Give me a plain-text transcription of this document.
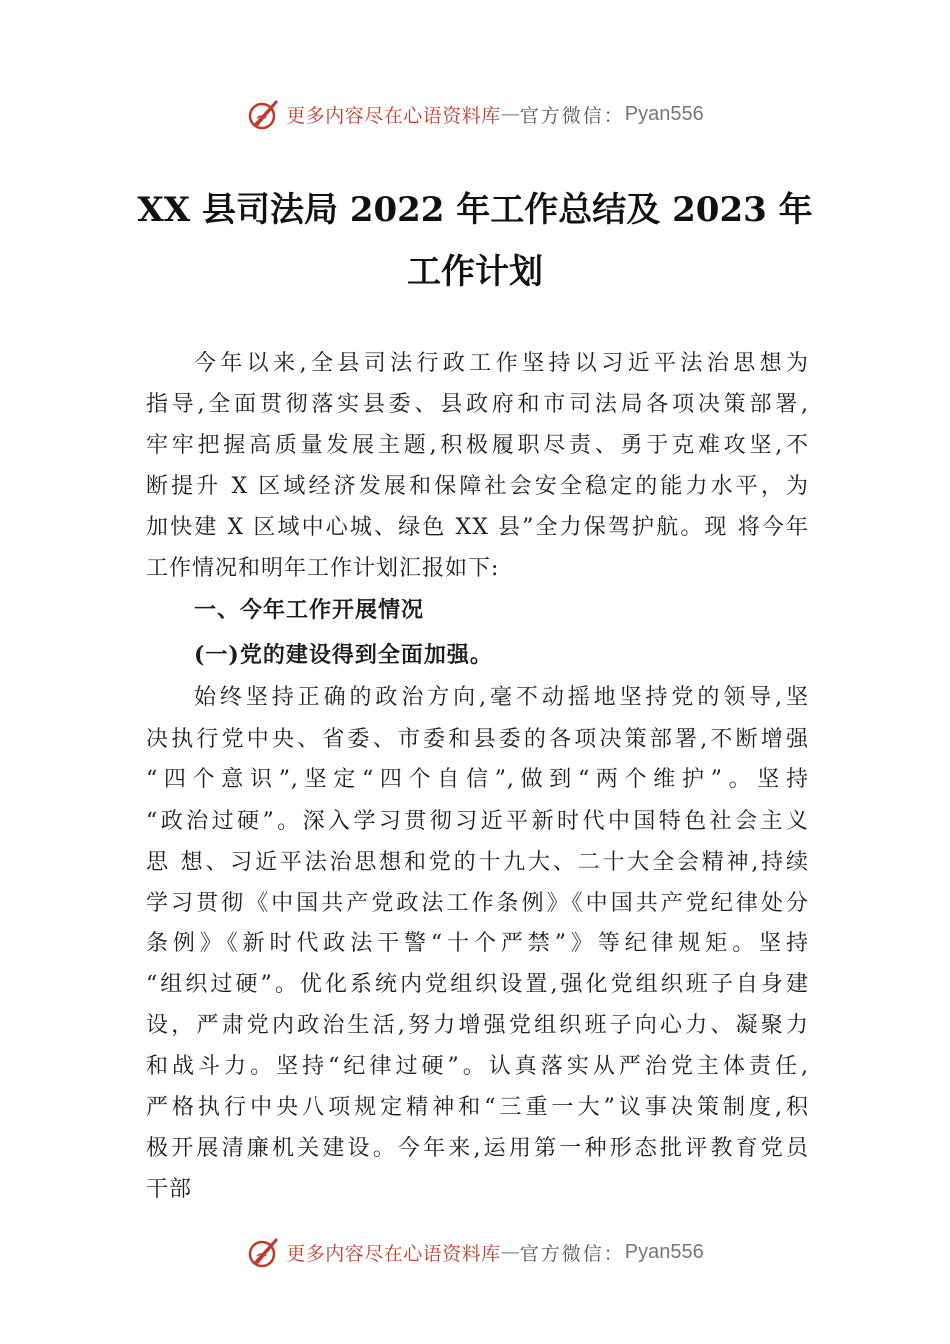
更多内容尽在心语资料库 — 官方微信： Pyan556
XX 县司法局 2022 年工作总结及 2023 年
工作计划
今年以来,全县司法行政工作坚持以习近平法治思想为
指导,全面贯彻落实县委、县政府和市司法局各项决策部署,
牢牢把握高质量发展主题,积极履职尽责、勇于克难攻坚,不
断提升 X 区域经济发展和保障社会安全稳定的能力水平，为
加快建 X 区域中心城、绿色 XX 县”全力保驾护航。现 将今年
工作情况和明年工作计划汇报如下:
一、今年工作开展情况
(一)党的建设得到全面加强。
始终坚持正确的政治方向,毫不动摇地坚持党的领导,坚
决执行党中央、省委、市委和县委的各项决策部署,不断增强
“四个意识”,坚定“四个自信”,做到“两个维护”。坚持
“政治过硬”。深入学习贯彻习近平新时代中国特色社会主义
思 想、习近平法治思想和党的十九大、二十大全会精神,持续
学习贯彻《中国共产党政法工作条例》《中国共产党纪律处分
条例》《新时代政法干警“十个严禁”》等纪律规矩。坚持
“组织过硬”。优化系统内党组织设置,强化党组织班子自身建
设，严肃党内政治生活,努力增强党组织班子向心力、凝聚力
和战斗力。坚持“纪律过硬”。认真落实从严治党主体责任,
严格执行中央八项规定精神和“三重一大”议事决策制度,积
极开展清廉机关建设。今年来,运用第一种形态批评教育党员
干部
更多内容尽在心语资料库 — 官方微信： Pyan556
